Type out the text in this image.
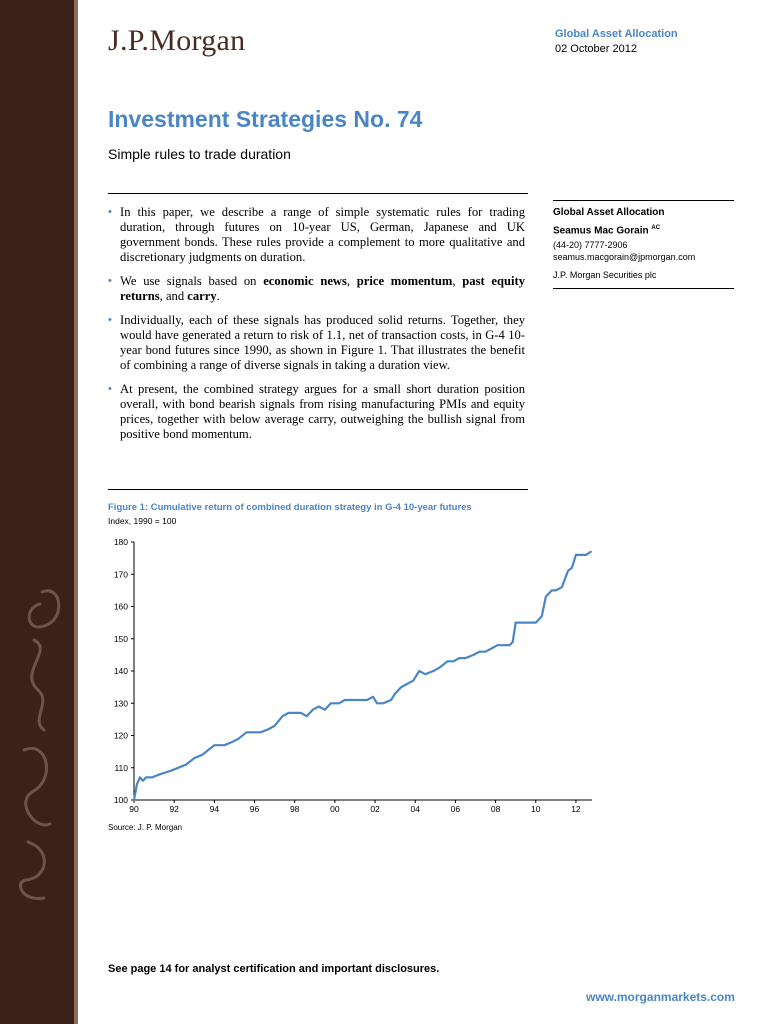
J.P.Morgan	Global Asset Allocation
02 October 2012
Investment Strategies No. 74
Simple rules to trade duration
• In this paper, we describe a range of simple systematic rules for trading duration, through futures on 10-year US, German, Japanese and UK government bonds. These rules provide a complement to more qualitative and discretionary judgments on duration.
• We use signals based on economic news, price momentum, past equity returns, and carry.
• Individually, each of these signals has produced solid returns. Together, they would have generated a return to risk of 1.1, net of transaction costs, in G-4 10-year bond futures since 1990, as shown in Figure 1. That illustrates the benefit of combining a range of diverse signals in taking a duration view.
• At present, the combined strategy argues for a small short duration position overall, with bond bearish signals from rising manufacturing PMIs and equity prices, together with below average carry, outweighing the bullish signal from positive bond momentum.
Global Asset Allocation
Seamus Mac Gorain $^{AC}$
(44-20) 7777-2906
seamus.macgorain@jpmorgan.com
J.P. Morgan Securities plc
Figure 1: Cumulative return of combined duration strategy in G-4 10-year futures
Index, 1990 = 100
100
110
120
130
140
150
160
170
180
90	92	94	96	98	00	02	04	06	08	10	12
Source: J. P. Morgan
See page 14 for analyst certification and important disclosures.
www.morganmarkets.com
